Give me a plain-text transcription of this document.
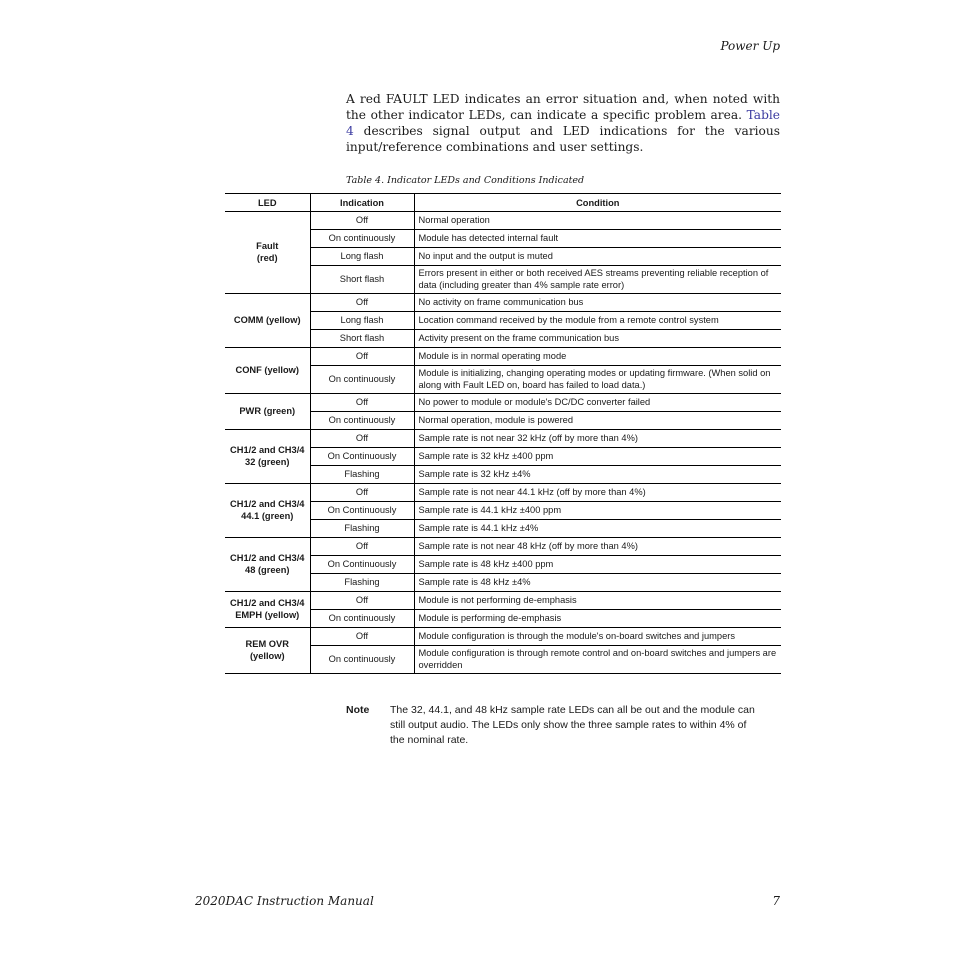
Power Up

A red FAULT LED indicates an error situation and, when noted with the other indicator LEDs, can indicate a specific problem area. Table 4 describes signal output and LED indications for the various input/reference combinations and user settings.

Table 4. Indicator LEDs and Conditions Indicated
LED	Indication	Condition
Fault
(red)	Off	Normal operation
	On continuously	Module has detected internal fault
	Long flash	No input and the output is muted
	Short flash	Errors present in either or both received AES streams preventing reliable reception of data (including greater than 4% sample rate error)
COMM (yellow)	Off	No activity on frame communication bus
	Long flash	Location command received by the module from a remote control system
	Short flash	Activity present on the frame communication bus
CONF (yellow)	Off	Module is in normal operating mode
	On continuously	Module is initializing, changing operating modes or updating firmware. (When solid on along with Fault LED on, board has failed to load data.)
PWR (green)	Off	No power to module or module's DC/DC converter failed
	On continuously	Normal operation, module is powered
CH1/2 and CH3/4
32 (green)	Off	Sample rate is not near 32 kHz (off by more than 4%)
	On Continuously	Sample rate is 32 kHz ±400 ppm
	Flashing	Sample rate is 32 kHz ±4%
CH1/2 and CH3/4
44.1 (green)	Off	Sample rate is not near 44.1 kHz (off by more than 4%)
	On Continuously	Sample rate is 44.1 kHz ±400 ppm
	Flashing	Sample rate is 44.1 kHz ±4%
CH1/2 and CH3/4
48 (green)	Off	Sample rate is not near 48 kHz (off by more than 4%)
	On Continuously	Sample rate is 48 kHz ±400 ppm
	Flashing	Sample rate is 48 kHz ±4%
CH1/2 and CH3/4
EMPH (yellow)	Off	Module is not performing de-emphasis
	On continuously	Module is performing de-emphasis
REM OVR
(yellow)	Off	Module configuration is through the module's on-board switches and jumpers
	On continuously	Module configuration is through remote control and on-board switches and jumpers are overridden
Note The 32, 44.1, and 48 kHz sample rate LEDs can all be out and the module can still output audio. The LEDs only show the three sample rates to within 4% of the nominal rate.
2020DAC Instruction Manual	7
